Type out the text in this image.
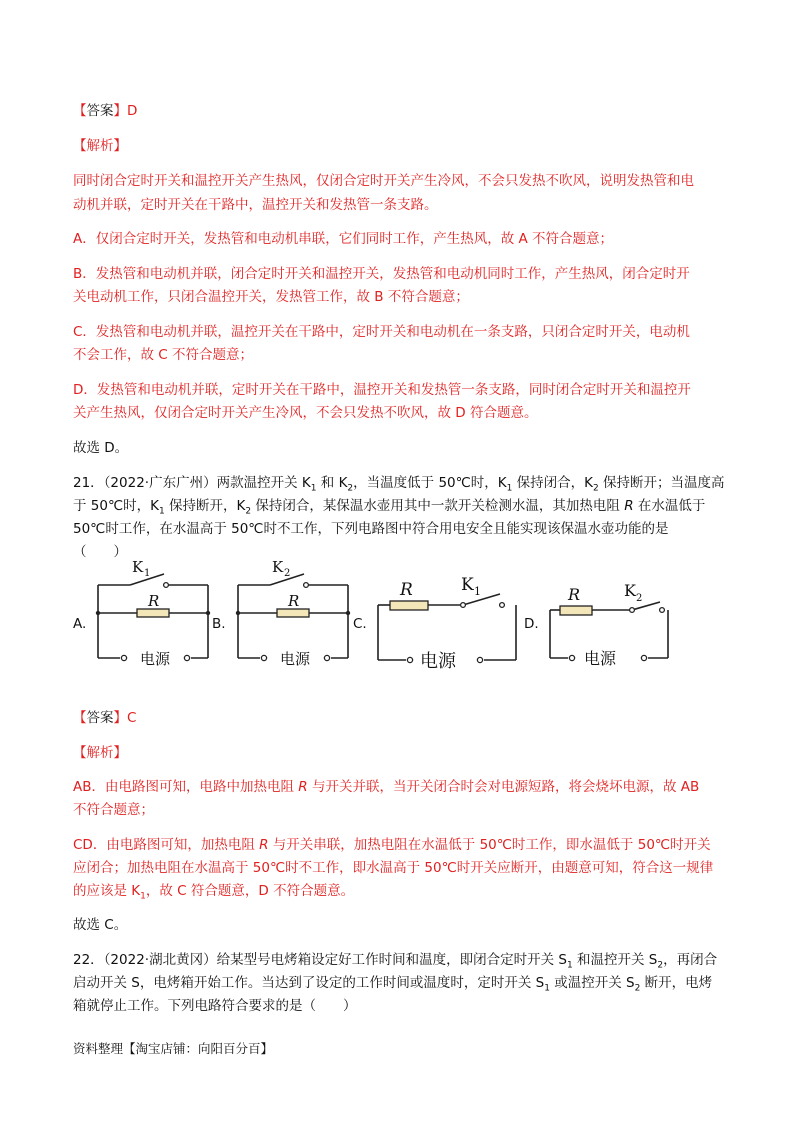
【答案】D
【解析】
同时闭合定时开关和温控开关产生热风，仅闭合定时开关产生冷风，不会只发热不吹风，说明发热管和电
动机并联，定时开关在干路中，温控开关和发热管一条支路。
A．仅闭合定时开关，发热管和电动机串联，它们同时工作，产生热风，故 A 不符合题意；
B．发热管和电动机并联，闭合定时开关和温控开关，发热管和电动机同时工作，产生热风，闭合定时开
关电动机工作，只闭合温控开关，发热管工作，故 B 不符合题意；
C．发热管和电动机并联，温控开关在干路中，定时开关和电动机在一条支路，只闭合定时开关，电动机
不会工作，故 C 不符合题意；
D．发热管和电动机并联，定时开关在干路中，温控开关和发热管一条支路，同时闭合定时开关和温控开
关产生热风，仅闭合定时开关产生冷风，不会只发热不吹风，故 D 符合题意。
故选 D。
21．（2022·广东广州）两款温控开关 $K_1$ 和 $K_2$，当温度低于 50℃时，$K_1$ 保持闭合，$K_2$ 保持断开；当温度高
于 50℃时，$K_1$ 保持断开，$K_2$ 保持闭合，某保温水壶用其中一款开关检测水温，其加热电阻 R 在水温低于
50℃时工作，在水温高于 50℃时不工作，下列电路图中符合用电安全且能实现该保温水壶功能的是
（　　）
K 1
R
K 2
R
K 1
R	K 2
R
电源	电源	电源	电源
A.	B.	C.	D.
【答案】C
【解析】
AB．由电路图可知，电路中加热电阻 R 与开关并联，当开关闭合时会对电源短路，将会烧坏电源，故 AB
不符合题意；
CD．由电路图可知，加热电阻 R 与开关串联，加热电阻在水温低于 50℃时工作，即水温低于 50℃时开关
应闭合；加热电阻在水温高于 50℃时不工作，即水温高于 50℃时开关应断开，由题意可知，符合这一规律
的应该是 $K_1$，故 C 符合题意，D 不符合题意。
故选 C。
22．（2022·湖北黄冈）给某型号电烤箱设定好工作时间和温度，即闭合定时开关 $S_1$ 和温控开关 $S_2$，再闭合
启动开关 S，电烤箱开始工作。当达到了设定的工作时间或温度时，定时开关 $S_1$ 或温控开关 $S_2$ 断开，电烤
箱就停止工作。下列电路符合要求的是（　　）
资料整理【淘宝店铺：向阳百分百】
